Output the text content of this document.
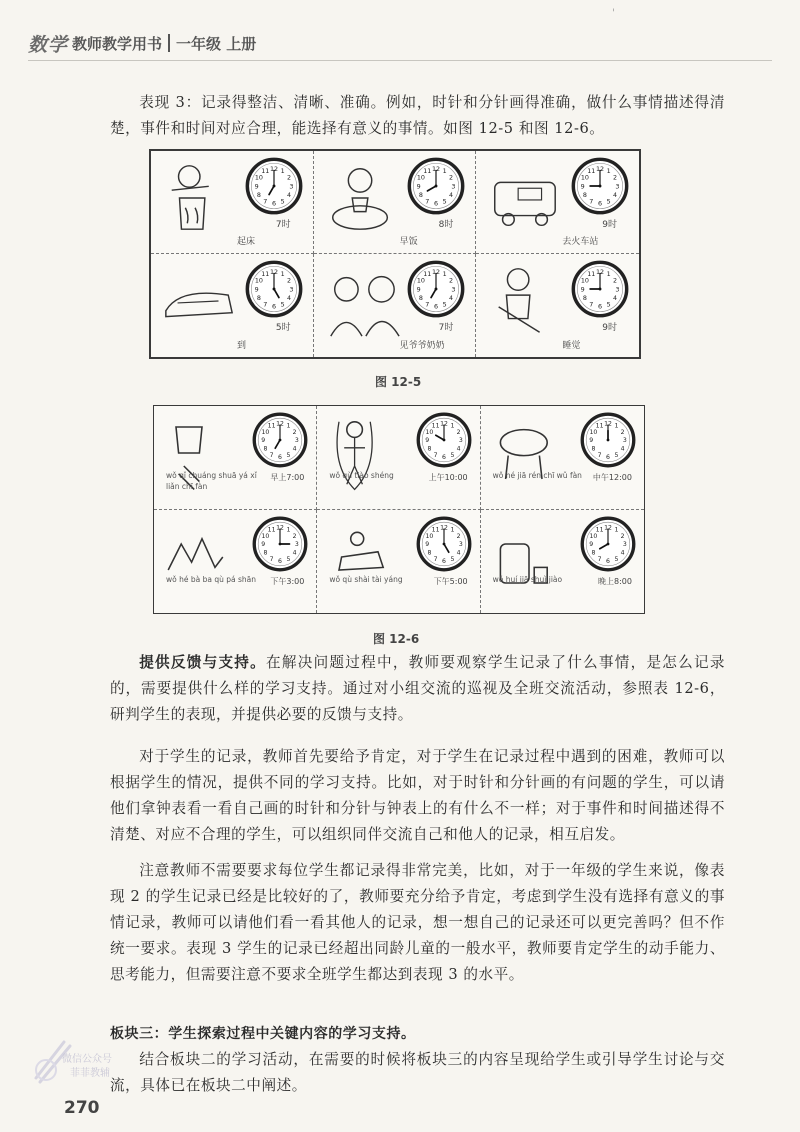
'
数学 教师教学用书 一年级 上册

表现 3：记录得整洁、清晰、准确。例如，时针和分针画得准确，做什么事情描述得清楚，事件和时间对应合理，能选择有意义的事情。如图 12-5 和图 12-6。

1
2
3
4
5
6
7
8
9
10
11 12
7时
起床
1
2
3
4
5
6
7
8
9
10
11 12
8时
早饭
1
2
3
4
5
6
7
8
9
10
11 12
9时
去火车站
1
2
3
4
5
6
7
8
9
10
11 12
5时
到
1
2
3
4
5
6
7
8
9
10
11 12
7时
见爷爷奶奶
1
2
3
4
5
6
7
8
9
10
11 12
9时
睡觉
图 12-5
1
2
3
4
5
6
7
8
9
10
11 12
早上7:00
wǒ qǐ chuáng shuā yá xǐ liǎn chī fàn
1
2
3
4
5
6
7
8
9
10
11 12
上午10:00
wǒ qù tiào shéng
1
2
3
4
5
6
7
8
9
10
11 12
中午12:00
wǒ hé jiā rén chī wǔ fàn
1
2
3
4
5
6
7
8
9
10
11 12
下午3:00
wǒ hé bà ba qù pá shān
1
2
3
4
5
6
7
8
9
10
11 12
下午5:00
wǒ qù shài tài yáng
1
2
3
4
5
6
7
8
9
10
11 12
晚上8:00
wǒ huí jiā shuì jiào
图 12-6

提供反馈与支持。在解决问题过程中，教师要观察学生记录了什么事情，是怎么记录的，需要提供什么样的学习支持。通过对小组交流的巡视及全班交流活动，参照表 12-6，研判学生的表现，并提供必要的反馈与支持。

对于学生的记录，教师首先要给予肯定，对于学生在记录过程中遇到的困难，教师可以根据学生的情况，提供不同的学习支持。比如，对于时针和分针画的有问题的学生，可以请他们拿钟表看一看自己画的时针和分针与钟表上的有什么不一样；对于事件和时间描述得不清楚、对应不合理的学生，可以组织同伴交流自己和他人的记录，相互启发。

注意教师不需要要求每位学生都记录得非常完美，比如，对于一年级的学生来说，像表现 2 的学生记录已经是比较好的了，教师要充分给予肯定，考虑到学生没有选择有意义的事情记录，教师可以请他们看一看其他人的记录，想一想自己的记录还可以更完善吗？但不作统一要求。表现 3 学生的记录已经超出同龄儿童的一般水平，教师要肯定学生的动手能力、思考能力，但需要注意不要求全班学生都达到表现 3 的水平。

板块三：学生探索过程中关键内容的学习支持。

结合板块二的学习活动，在需要的时候将板块三的内容呈现给学生或引导学生讨论与交流，具体已在板块二中阐述。

微信公众号
菲菲教辅
270
